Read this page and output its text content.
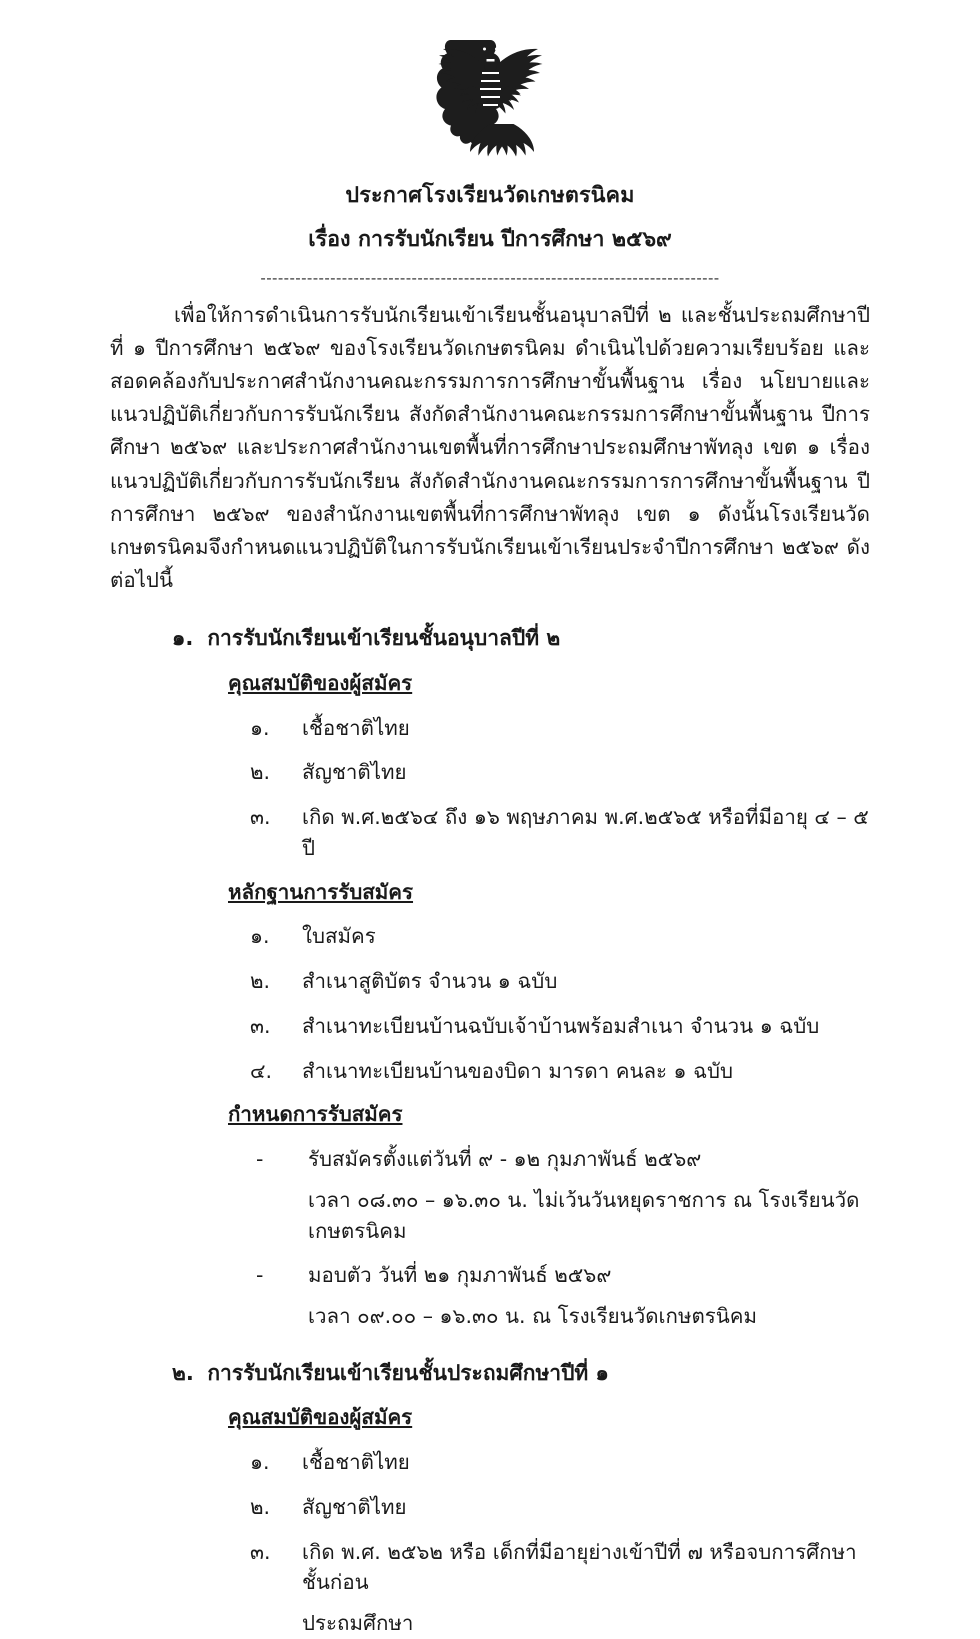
ประกาศโรงเรียนวัดเกษตรนิคม
เรื่อง การรับนักเรียน ปีการศึกษา ๒๕๖๙
-------------------------------------------------------------------------------

เพื่อให้การดำเนินการรับนักเรียนเข้าเรียนชั้นอนุบาลปีที่ ๒ และชั้นประถมศึกษาปีที่ ๑ ปีการศึกษา ๒๕๖๙ ของโรงเรียนวัดเกษตรนิคม ดำเนินไปด้วยความเรียบร้อย และสอดคล้องกับประกาศสำนักงานคณะกรรมการการศึกษาขั้นพื้นฐาน เรื่อง นโยบายและแนวปฏิบัติเกี่ยวกับการรับนักเรียน สังกัดสำนักงานคณะกรรมการศึกษาขั้นพื้นฐาน ปีการศึกษา ๒๕๖๙ และประกาศสำนักงานเขตพื้นที่การศึกษาประถมศึกษาพัทลุง เขต ๑ เรื่อง แนวปฏิบัติเกี่ยวกับการรับนักเรียน สังกัดสำนักงานคณะกรรมการการศึกษาขั้นพื้นฐาน ปีการศึกษา ๒๕๖๙ ของสำนักงานเขตพื้นที่การศึกษาพัทลุง เขต ๑ ดังนั้นโรงเรียนวัดเกษตรนิคมจึงกำหนดแนวปฏิบัติในการรับนักเรียนเข้าเรียนประจำปีการศึกษา ๒๕๖๙ ดังต่อไปนี้

๑. การรับนักเรียนเข้าเรียนชั้นอนุบาลปีที่ ๒
คุณสมบัติของผู้สมัคร
๑.	เชื้อชาติไทย
๒.	สัญชาติไทย
๓.	เกิด พ.ศ.๒๕๖๔ ถึง ๑๖ พฤษภาคม พ.ศ.๒๕๖๕ หรือที่มีอายุ ๔ – ๕ ปี
หลักฐานการรับสมัคร
๑.	ใบสมัคร
๒.	สำเนาสูติบัตร จำนวน ๑ ฉบับ
๓.	สำเนาทะเบียนบ้านฉบับเจ้าบ้านพร้อมสำเนา จำนวน ๑ ฉบับ
๔.	สำเนาทะเบียนบ้านของบิดา มารดา คนละ ๑ ฉบับ
กำหนดการรับสมัคร
-	รับสมัครตั้งแต่วันที่ ๙ - ๑๒ กุมภาพันธ์ ๒๕๖๙
เวลา ๐๘.๓๐ – ๑๖.๓๐ น. ไม่เว้นวันหยุดราชการ ณ โรงเรียนวัดเกษตรนิคม
-	มอบตัว วันที่ ๒๑ กุมภาพันธ์ ๒๕๖๙
เวลา ๐๙.๐๐ – ๑๖.๓๐ น. ณ โรงเรียนวัดเกษตรนิคม
๒. การรับนักเรียนเข้าเรียนชั้นประถมศึกษาปีที่ ๑
คุณสมบัติของผู้สมัคร
๑.	เชื้อชาติไทย
๒.	สัญชาติไทย
๓.	เกิด พ.ศ. ๒๕๖๒ หรือ เด็กที่มีอายุย่างเข้าปีที่ ๗ หรือจบการศึกษาชั้นก่อน
ประถมศึกษา
